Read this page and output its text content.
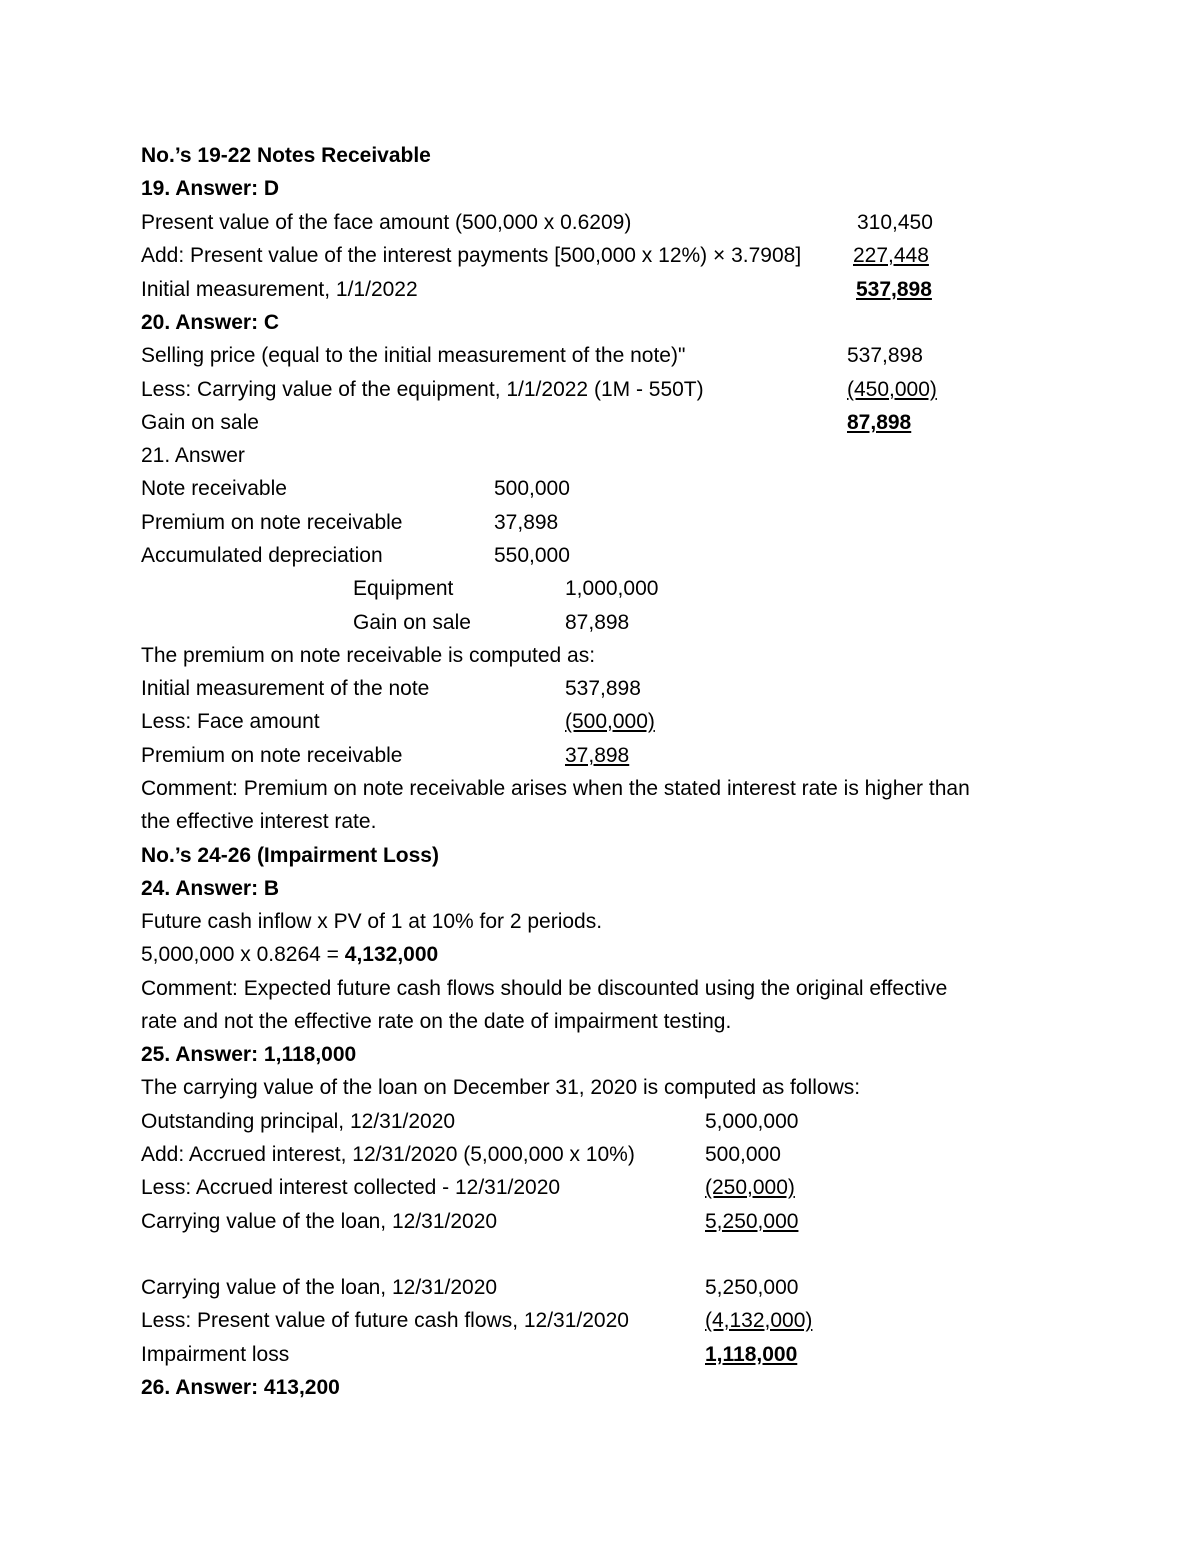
No.’s 19-22 Notes Receivable
19. Answer: D
Present value of the face amount (500,000 x 0.6209)	310,450
Add: Present value of the interest payments [500,000 x 12%) × 3.7908] 227,448
Initial measurement, 1/1/2022	537,898
20. Answer: C
Selling price (equal to the initial measurement of the note)"	537,898
Less: Carrying value of the equipment, 1/1/2022 (1M - 550T)	(450,000)
Gain on sale	87,898
21. Answer
Note receivable	500,000
Premium on note receivable	37,898
Accumulated depreciation	550,000
Equipment	1,000,000
Gain on sale	87,898
The premium on note receivable is computed as:
Initial measurement of the note	537,898
Less: Face amount	(500,000)
Premium on note receivable	37,898
Comment: Premium on note receivable arises when the stated interest rate is higher than
the effective interest rate.
No.’s 24-26 (Impairment Loss)
24. Answer: B
Future cash inflow x PV of 1 at 10% for 2 periods.
5,000,000 x 0.8264 = 4,132,000
Comment: Expected future cash flows should be discounted using the original effective
rate and not the effective rate on the date of impairment testing.
25. Answer: 1,118,000
The carrying value of the loan on December 31, 2020 is computed as follows:
Outstanding principal, 12/31/2020	5,000,000
Add: Accrued interest, 12/31/2020 (5,000,000 x 10%)	500,000
Less: Accrued interest collected - 12/31/2020	(250,000)
Carrying value of the loan, 12/31/2020	5,250,000
Carrying value of the loan, 12/31/2020	5,250,000
Less: Present value of future cash flows, 12/31/2020	(4,132,000)
Impairment loss	1,118,000
26. Answer: 413,200
